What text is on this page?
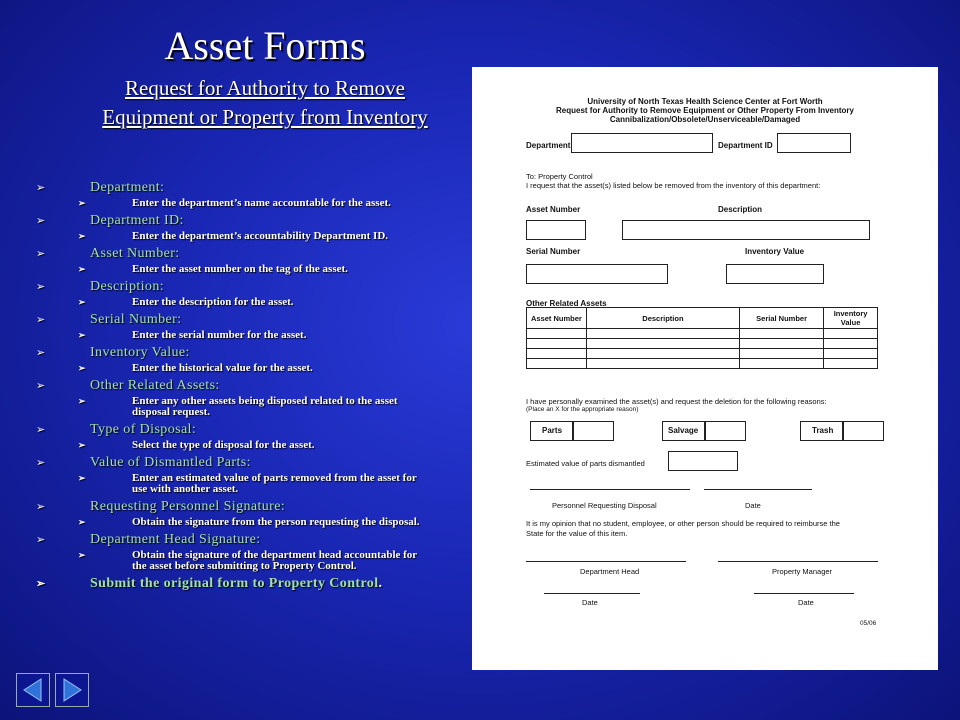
Asset Forms
Request for Authority to Remove
Equipment or Property from Inventory
➢	Department:
➢	Enter the department’s name accountable for the asset.
➢	Department ID:
➢	Enter the department’s accountability Department ID.
➢	Asset Number:
➢	Enter the asset number on the tag of the asset.
➢	Description:
➢	Enter the description for the asset.
➢	Serial Number:
➢	Enter the serial number for the asset.
➢	Inventory Value:
➢	Enter the historical value for the asset.
➢	Other Related Assets:
➢	Enter any other assets being disposed related to the asset disposal request.
➢	Type of Disposal:
➢	Select the type of disposal for the asset.
➢	Value of Dismantled Parts:
➢	Enter an estimated value of parts removed from the asset for use with another asset.
➢	Requesting Personnel Signature:
➢	Obtain the signature from the person requesting the disposal.
➢	Department Head Signature:
➢	Obtain the signature of the department head accountable for the asset before submitting to Property Control.
➢	Submit the original form to Property Control.
University of North Texas Health Science Center at Fort Worth
Request for Authority to Remove Equipment or Other Property From Inventory
Cannibalization/Obsolete/Unserviceable/Damaged
Department	Department ID
To: Property Control
I request that the asset(s) listed below be removed from the inventory of this department:
Asset Number	Description
Serial Number	Inventory Value
Other Related Assets
Asset Number	Description	Serial Number	Inventory Value

I have personally examined the asset(s) and request the deletion for the following reasons:
(Place an X for the appropriate reason)
Parts	Salvage	Trash
Estimated value of parts dismantled
Personnel Requesting Disposal	Date
It is my opinion that no student, employee, or other person should be required to reimburse the
State for the value of this item.
Department Head	Property Manager
Date	Date
05/06
